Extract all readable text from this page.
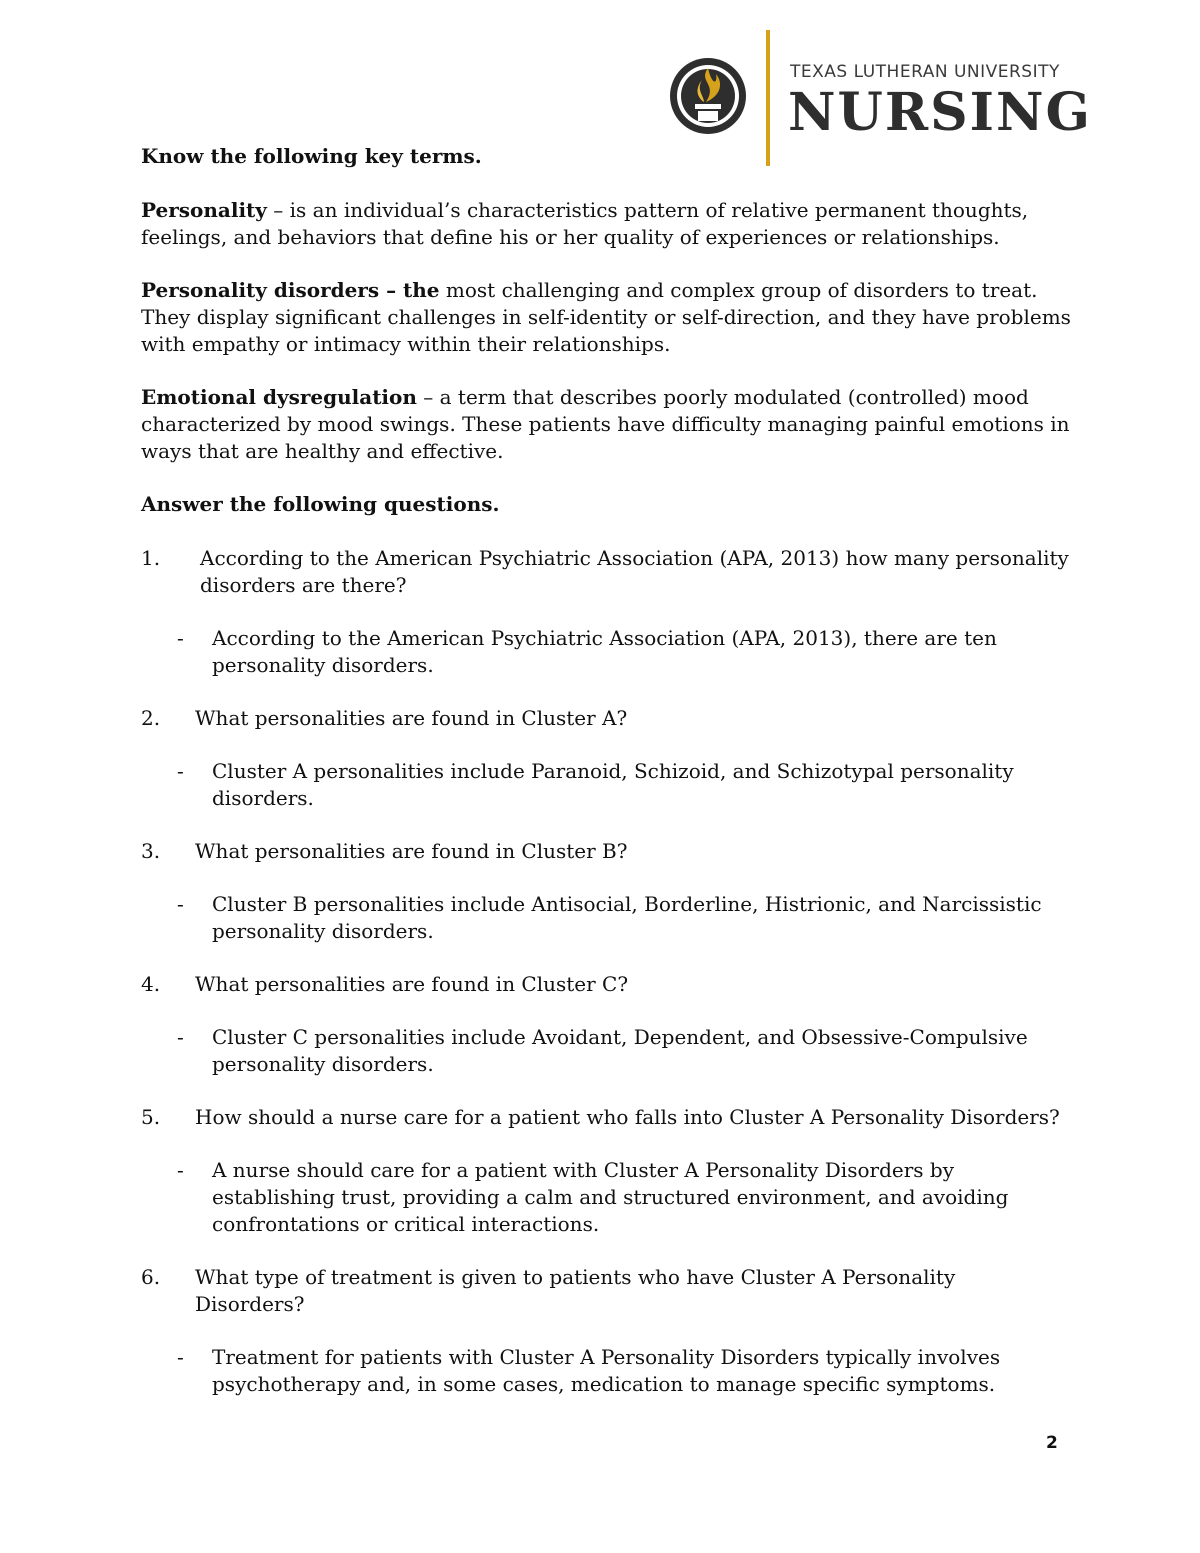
TEXAS LUTHERAN UNIVERSITY
NURSING

Know the following key terms.

Personality – is an individual’s characteristics pattern of relative permanent thoughts, feelings, and behaviors that define his or her quality of experiences or relationships.

Personality disorders – the most challenging and complex group of disorders to treat. They display significant challenges in self-identity or self-direction, and they have problems with empathy or intimacy within their relationships.

Emotional dysregulation – a term that describes poorly modulated (controlled) mood characterized by mood swings. These patients have difficulty managing painful emotions in ways that are healthy and effective.

Answer the following questions.

1.	According to the American Psychiatric Association (APA, 2013) how many personality disorders are there?
-	According to the American Psychiatric Association (APA, 2013), there are ten personality disorders.
2.	What personalities are found in Cluster A?
-	Cluster A personalities include Paranoid, Schizoid, and Schizotypal personality disorders.
3.	What personalities are found in Cluster B?
-	Cluster B personalities include Antisocial, Borderline, Histrionic, and Narcissistic personality disorders.
4.	What personalities are found in Cluster C?
-	Cluster C personalities include Avoidant, Dependent, and Obsessive-Compulsive personality disorders.
5.	How should a nurse care for a patient who falls into Cluster A Personality Disorders?
-	A nurse should care for a patient with Cluster A Personality Disorders by establishing trust, providing a calm and structured environment, and avoiding confrontations or critical interactions.
6.	What type of treatment is given to patients who have Cluster A Personality Disorders?
-	Treatment for patients with Cluster A Personality Disorders typically involves psychotherapy and, in some cases, medication to manage specific symptoms.
2
